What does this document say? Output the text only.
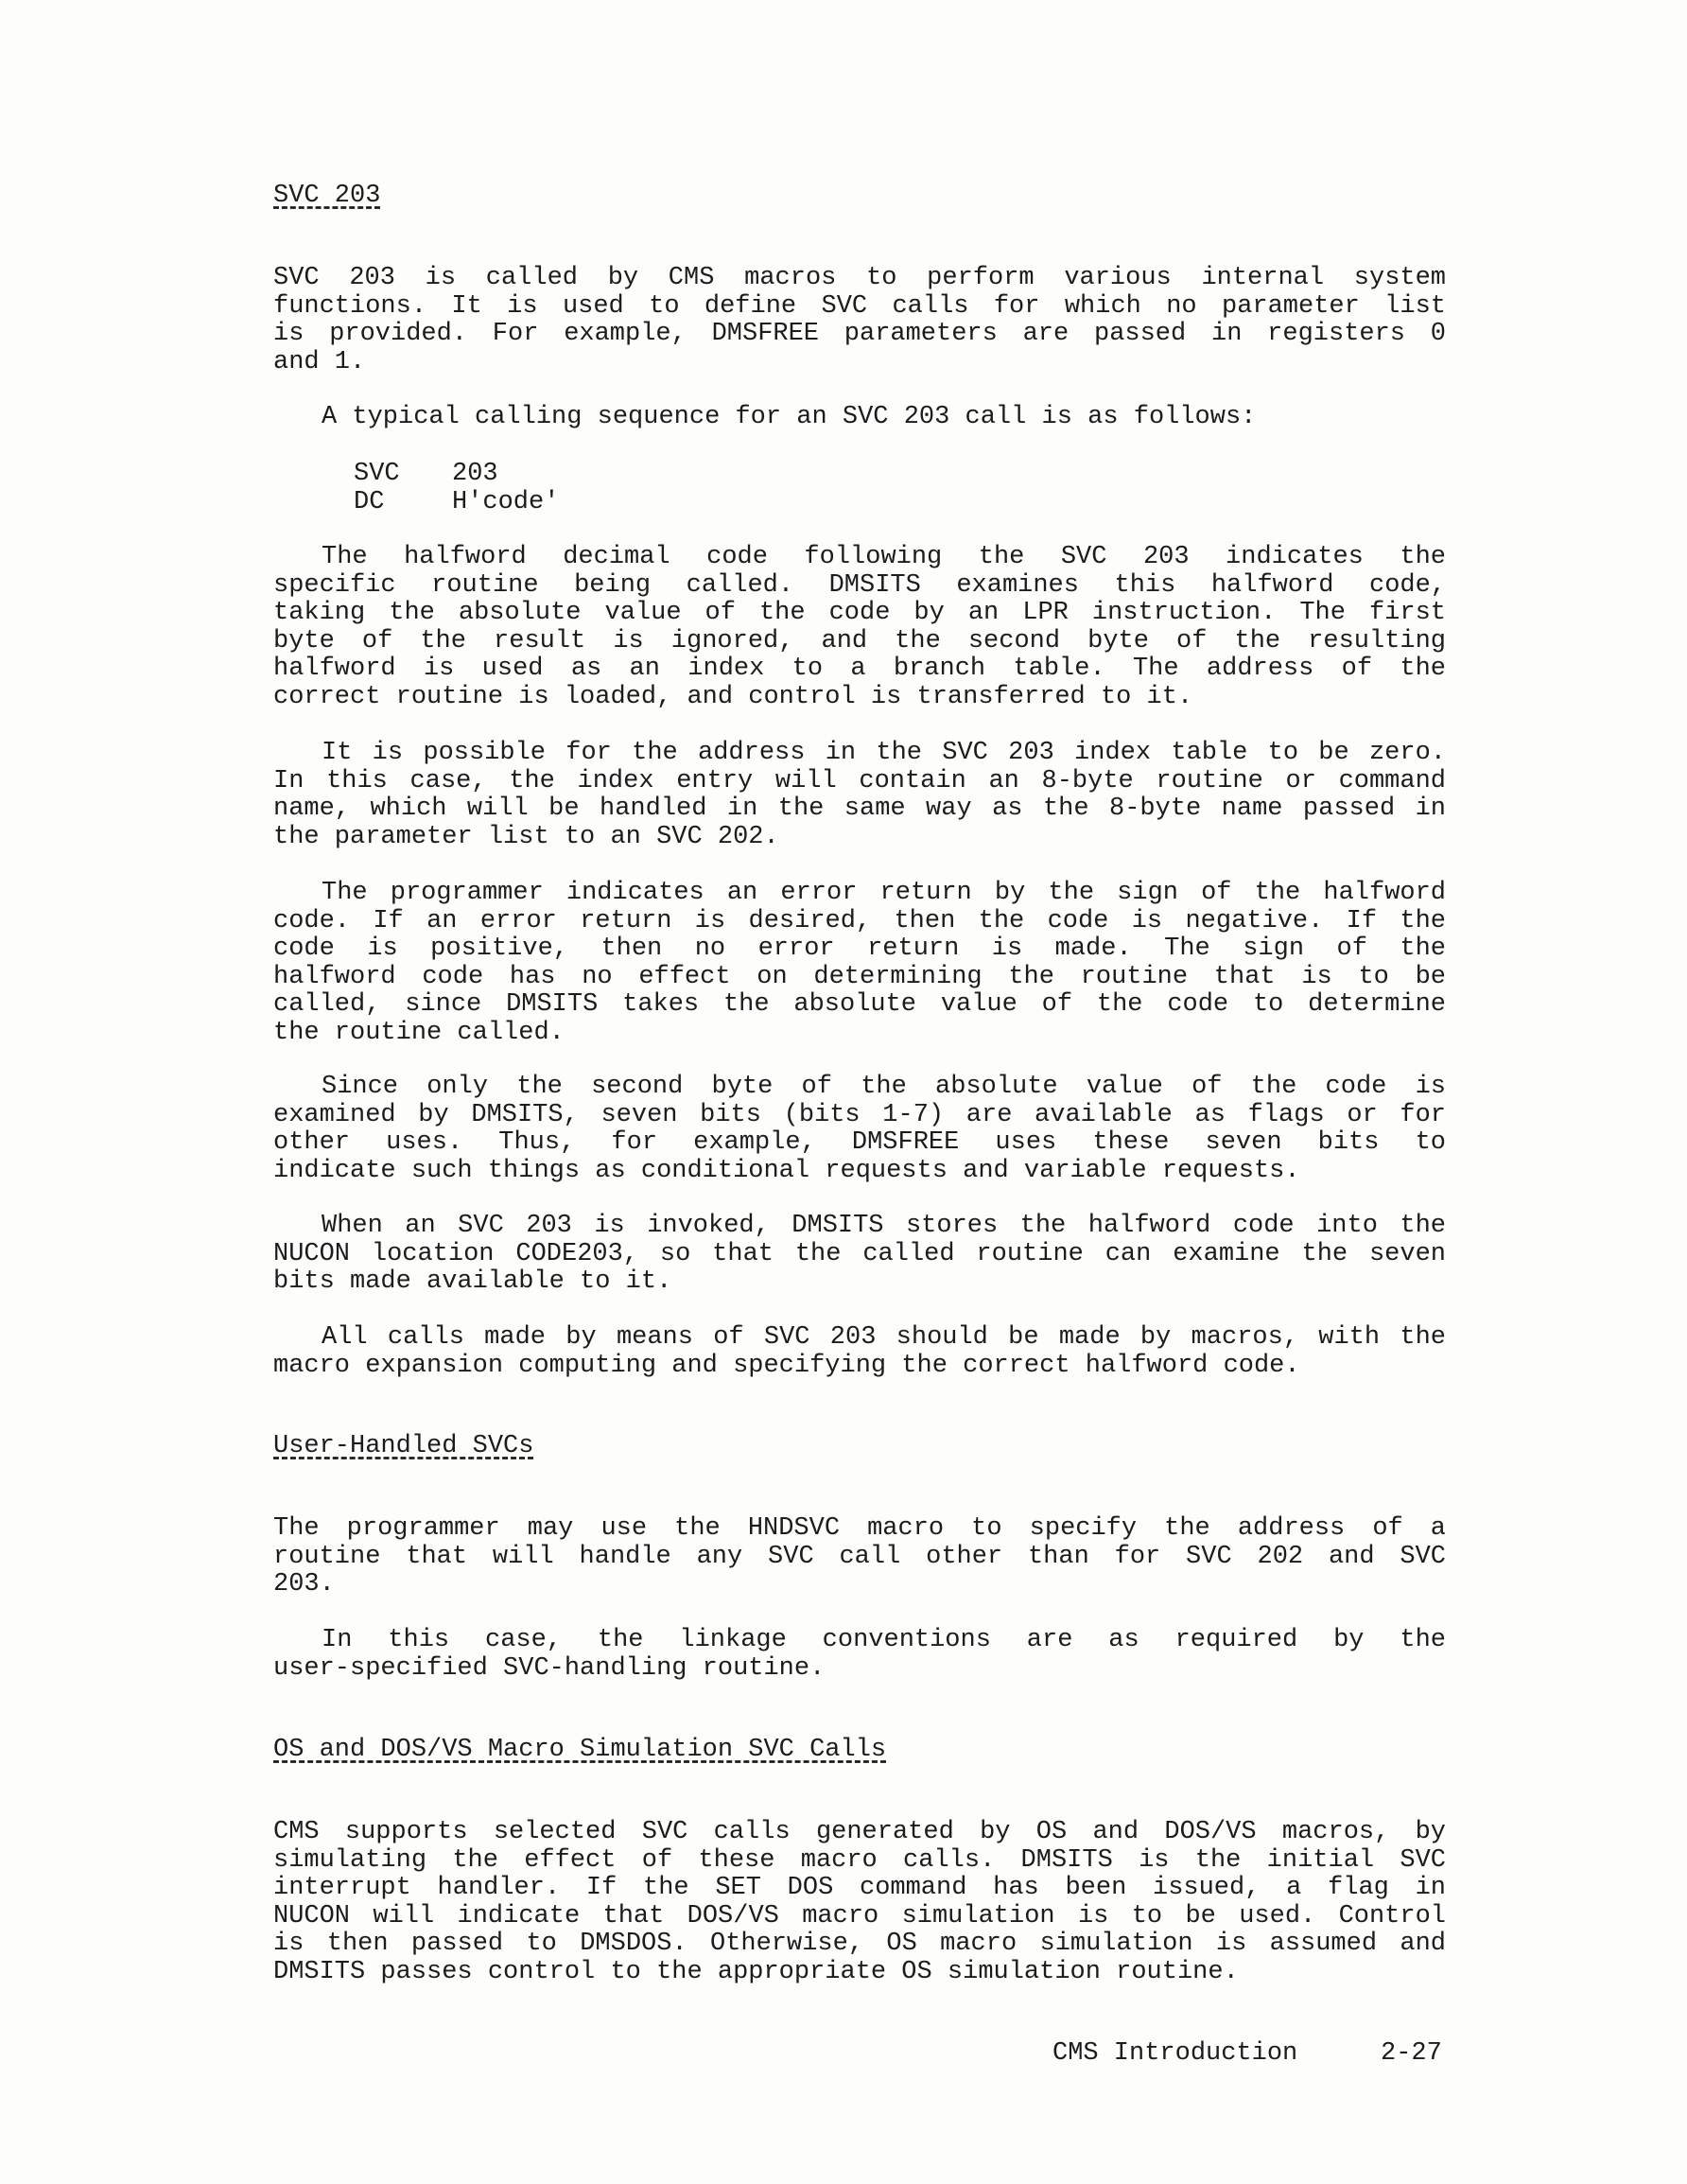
SVC 203

SVC 203 is called by CMS macros to perform various internal system
functions. It is used to define SVC calls for which no parameter list
is provided. For example, DMSFREE parameters are passed in registers 0
and 1.

A typical calling sequence for an SVC 203 call is as follows:

SVC	203
DC	H'code'

The halfword decimal code following the SVC 203 indicates the
specific routine being called. DMSITS examines this halfword code,
taking the absolute value of the code by an LPR instruction. The first
byte of the result is ignored, and the second byte of the resulting
halfword is used as an index to a branch table. The address of the
correct routine is loaded, and control is transferred to it.

It is possible for the address in the SVC 203 index table to be zero.
In this case, the index entry will contain an 8-byte routine or command
name, which will be handled in the same way as the 8-byte name passed in
the parameter list to an SVC 202.

The programmer indicates an error return by the sign of the halfword
code. If an error return is desired, then the code is negative. If the
code is positive, then no error return is made. The sign of the
halfword code has no effect on determining the routine that is to be
called, since DMSITS takes the absolute value of the code to determine
the routine called.

Since only the second byte of the absolute value of the code is
examined by DMSITS, seven bits (bits 1-7) are available as flags or for
other uses. Thus, for example, DMSFREE uses these seven bits to
indicate such things as conditional requests and variable requests.

When an SVC 203 is invoked, DMSITS stores the halfword code into the
NUCON location CODE203, so that the called routine can examine the seven
bits made available to it.

All calls made by means of SVC 203 should be made by macros, with the
macro expansion computing and specifying the correct halfword code.

User-Handled SVCs

The programmer may use the HNDSVC macro to specify the address of a
routine that will handle any SVC call other than for SVC 202 and SVC
203.

In this case, the linkage conventions are as required by the
user-specified SVC-handling routine.

OS and DOS/VS Macro Simulation SVC Calls

CMS supports selected SVC calls generated by OS and DOS/VS macros, by
simulating the effect of these macro calls. DMSITS is the initial SVC
interrupt handler. If the SET DOS command has been issued, a flag in
NUCON will indicate that DOS/VS macro simulation is to be used. Control
is then passed to DMSDOS. Otherwise, OS macro simulation is assumed and
DMSITS passes control to the appropriate OS simulation routine.

CMS Introduction	2-27
